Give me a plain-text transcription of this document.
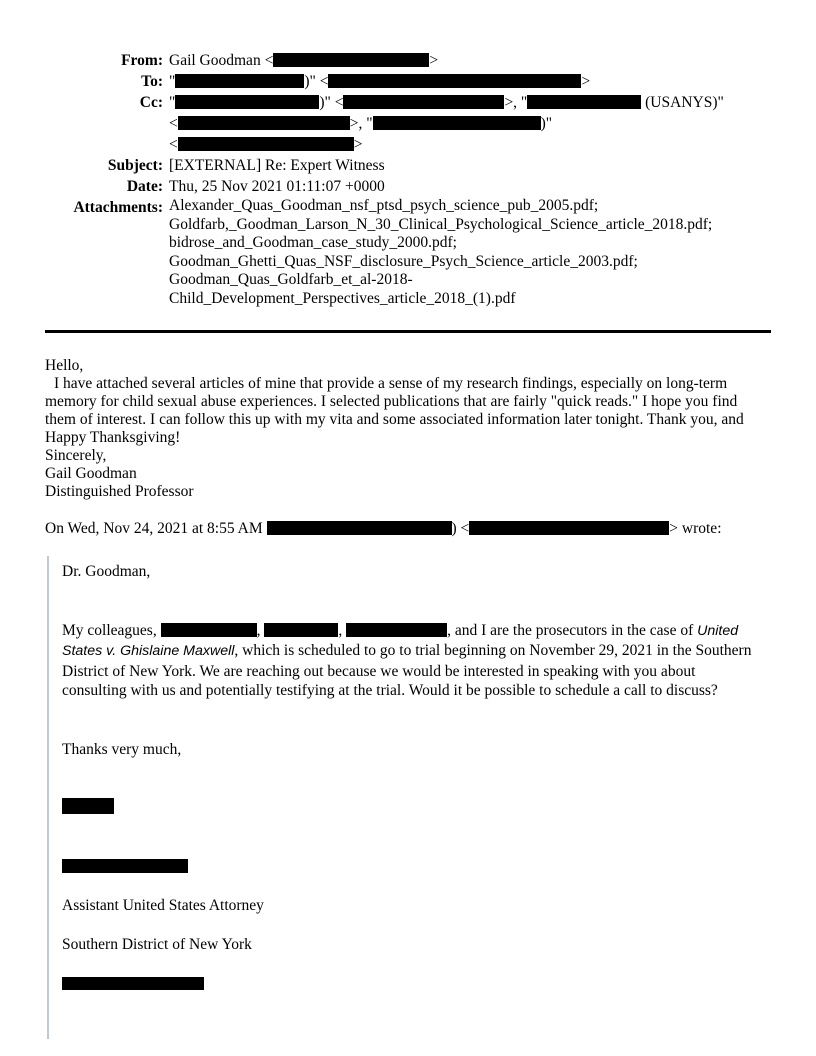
From: Gail Goodman <	>
To: "	)" <	>
Cc: "	)" <	>, "	(USANYS)"
<	>, "	)"
<	>
Subject: [EXTERNAL] Re: Expert Witness
Date: Thu, 25 Nov 2021 01:11:07 +0000
Attachments: Alexander_Quas_Goodman_nsf_ptsd_psych_science_pub_2005.pdf;
Goldfarb,_Goodman_Larson_N_30_Clinical_Psychological_Science_article_2018.pdf;
bidrose_and_Goodman_case_study_2000.pdf;
Goodman_Ghetti_Quas_NSF_disclosure_Psych_Science_article_2003.pdf;
Goodman_Quas_Goldfarb_et_al-2018-
Child_Development_Perspectives_article_2018_(1).pdf
Hello,
I have attached several articles of mine that provide a sense of my research findings, especially on long-term memory for child sexual abuse experiences. I selected publications that are fairly "quick reads." I hope you find them of interest. I can follow this up with my vita and some associated information later tonight. Thank you, and Happy Thanksgiving!
Sincerely,
Gail Goodman
Distinguished Professor
On Wed, Nov 24, 2021 at 8:55 AM	) <	> wrote:
Dr. Goodman,
My colleagues,	,	,	, and I are the prosecutors in the case of United States v. Ghislaine Maxwell, which is scheduled to go to trial beginning on November 29, 2021 in the Southern District of New York. We are reaching out because we would be interested in speaking with you about consulting with us and potentially testifying at the trial. Would it be possible to schedule a call to discuss?
Thanks very much,
Assistant United States Attorney
Southern District of New York
